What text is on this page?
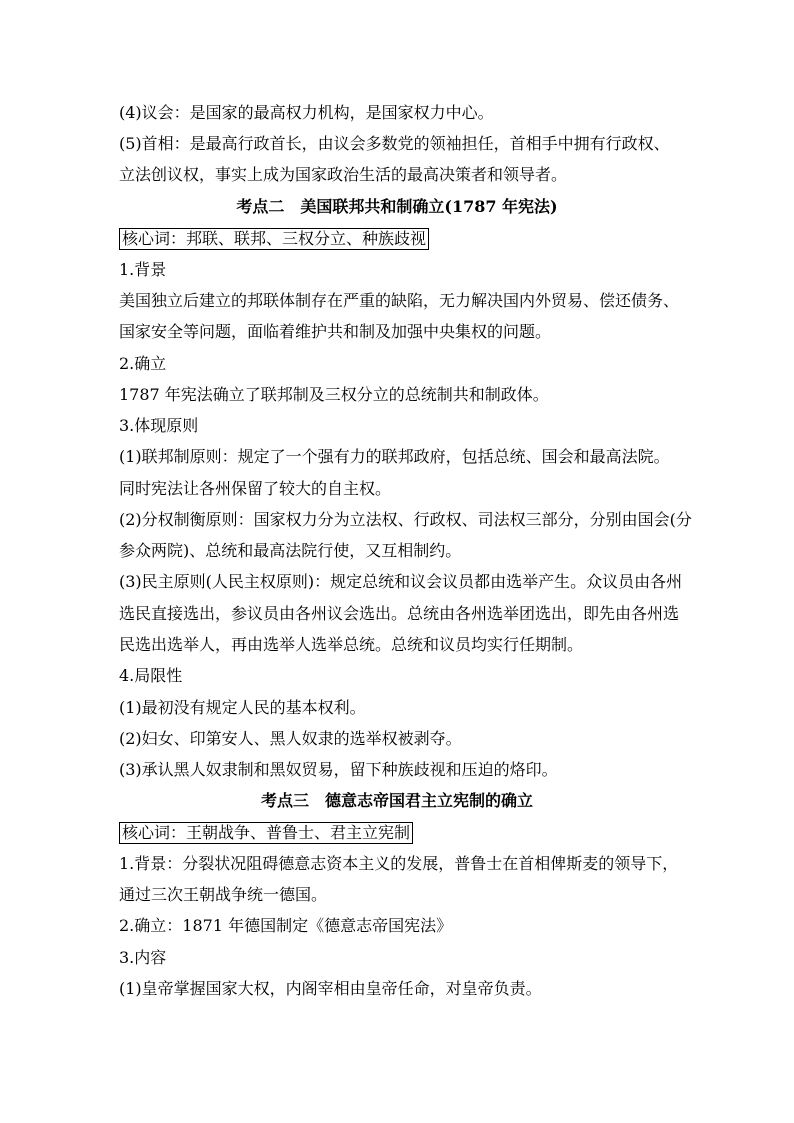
(4)议会：是国家的最高权力机构，是国家权力中心。
(5)首相：是最高行政首长，由议会多数党的领袖担任，首相手中拥有行政权、
立法创议权，事实上成为国家政治生活的最高决策者和领导者。
考点二　美国联邦共和制确立(1787 年宪法)
核心词：邦联、联邦、三权分立、种族歧视
1.背景
美国独立后建立的邦联体制存在严重的缺陷，无力解决国内外贸易、偿还债务、
国家安全等问题，面临着维护共和制及加强中央集权的问题。
2.确立
1787 年宪法确立了联邦制及三权分立的总统制共和制政体。
3.体现原则
(1)联邦制原则：规定了一个强有力的联邦政府，包括总统、国会和最高法院。
同时宪法让各州保留了较大的自主权。
(2)分权制衡原则：国家权力分为立法权、行政权、司法权三部分，分别由国会(分
参众两院)、总统和最高法院行使，又互相制约。
(3)民主原则(人民主权原则)：规定总统和议会议员都由选举产生。众议员由各州
选民直接选出，参议员由各州议会选出。总统由各州选举团选出，即先由各州选
民选出选举人，再由选举人选举总统。总统和议员均实行任期制。
4.局限性
(1)最初没有规定人民的基本权利。
(2)妇女、印第安人、黑人奴隶的选举权被剥夺。
(3)承认黑人奴隶制和黑奴贸易，留下种族歧视和压迫的烙印。
考点三　德意志帝国君主立宪制的确立
核心词：王朝战争、普鲁士、君主立宪制
1.背景：分裂状况阻碍德意志资本主义的发展，普鲁士在首相俾斯麦的领导下，
通过三次王朝战争统一德国。
2.确立：1871 年德国制定《德意志帝国宪法》
3.内容
(1)皇帝掌握国家大权，内阁宰相由皇帝任命，对皇帝负责。
